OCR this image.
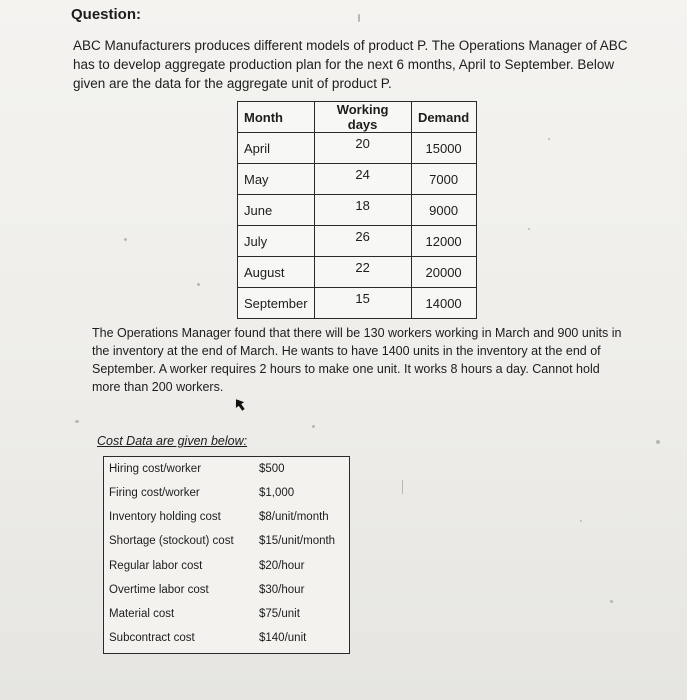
Question:
ABC Manufacturers produces different models of product P. The Operations Manager of ABC has to develop aggregate production plan for the next 6 months, April to September. Below given are the data for the aggregate unit of product P.
Month	Working days	Demand
April	20	15000
May	24	7000
June	18	9000
July	26	12000
August	22	20000
September	15	14000
The Operations Manager found that there will be 130 workers working in March and 900 units in the inventory at the end of March. He wants to have 1400 units in the inventory at the end of September. A worker requires 2 hours to make one unit. It works 8 hours a day. Cannot hold more than 200 workers.
Cost Data are given below:
Hiring cost/worker	$500
Firing cost/worker	$1,000
Inventory holding cost	$8/unit/month
Shortage (stockout) cost $15/unit/month
Regular labor cost	$20/hour
Overtime labor cost	$30/hour
Material cost	$75/unit
Subcontract cost	$140/unit
